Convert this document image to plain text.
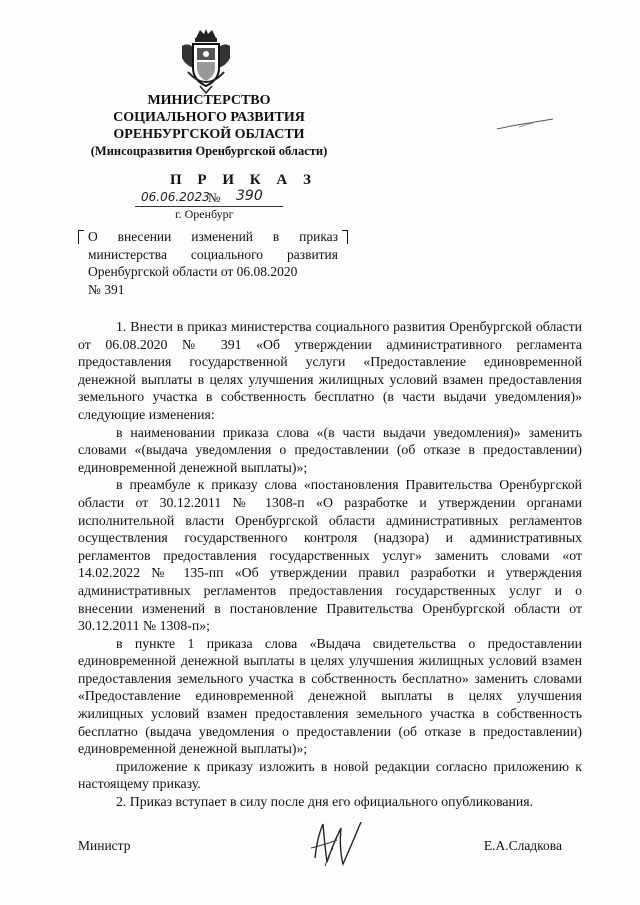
МИНИСТЕРСТВО
СОЦИАЛЬНОГО РАЗВИТИЯ
ОРЕНБУРГСКОЙ ОБЛАСТИ
(Минсоцразвития Оренбургской области)
П Р И К А З
06.06.2023
№ 390
г. Оренбург
О внесении изменений в приказ
министерства социального развития
Оренбургской области от 06.08.2020
№ 391

1. Внести в приказ министерства социального развития Оренбургской области от 06.08.2020 № 391 «Об утверждении административного регламента предоставления государственной услуги «Предоставление единовременной денежной выплаты в целях улучшения жилищных условий взамен предоставления земельного участка в собственность бесплатно (в части выдачи уведомления)» следующие изменения:

в наименовании приказа слова «(в части выдачи уведомления)» заменить словами «(выдача уведомления о предоставлении (об отказе в предоставлении) единовременной денежной выплаты)»;

в преамбуле к приказу слова «постановления Правительства Оренбургской области от 30.12.2011 № 1308-п «О разработке и утверждении органами исполнительной власти Оренбургской области административных регламентов осуществления государственного контроля (надзора) и административных регламентов предоставления государственных услуг» заменить словами «от 14.02.2022 № 135-пп «Об утверждении правил разработки и утверждения административных регламентов предоставления государственных услуг и о внесении изменений в постановление Правительства Оренбургской области от 30.12.2011 № 1308-п»;

в пункте 1 приказа слова «Выдача свидетельства о предоставлении единовременной денежной выплаты в целях улучшения жилищных условий взамен предоставления земельного участка в собственность бесплатно» заменить словами «Предоставление единовременной денежной выплаты в целях улучшения жилищных условий взамен предоставления земельного участка в собственность бесплатно (выдача уведомления о предоставлении (об отказе в предоставлении) единовременной денежной выплаты)»;

приложение к приказу изложить в новой редакции согласно приложению к настоящему приказу.

2. Приказ вступает в силу после дня его официального опубликования.

Министр	Е.А.Сладкова
